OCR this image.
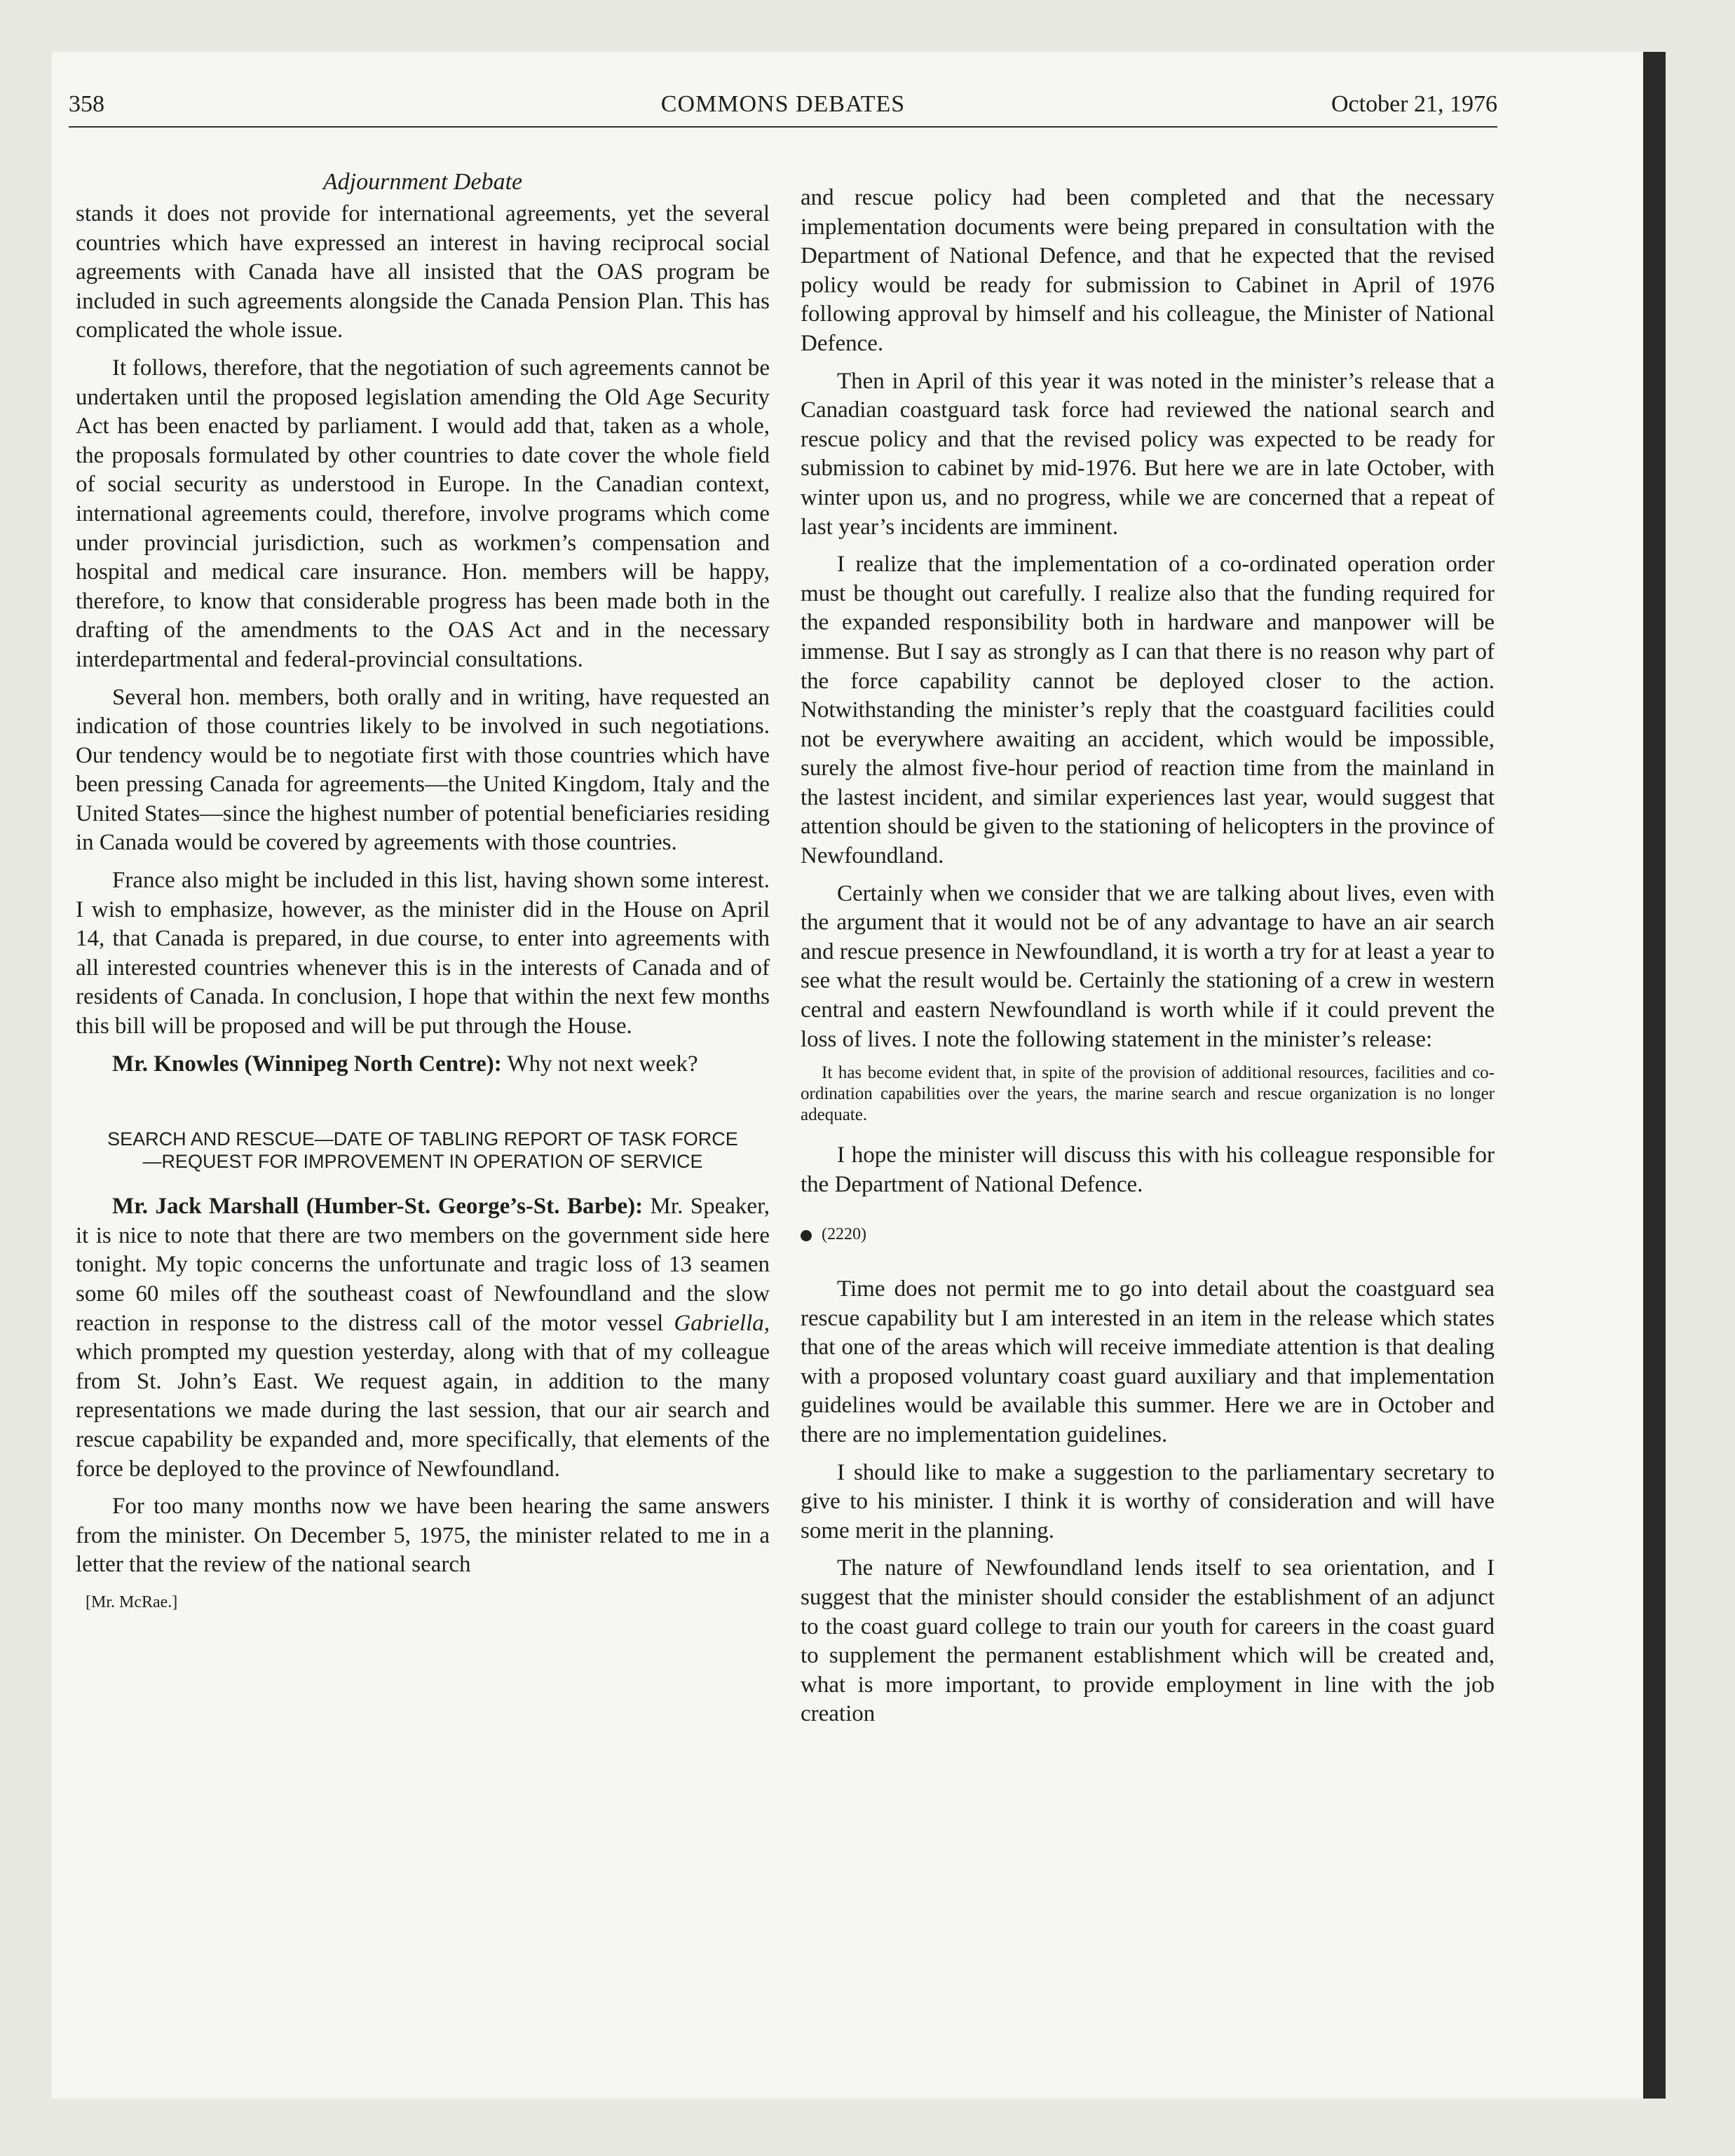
358	COMMONS DEBATES	October 21, 1976
Adjournment Debate

stands it does not provide for international agreements, yet the several countries which have expressed an interest in having reciprocal social agreements with Canada have all insisted that the OAS program be included in such agreements alongside the Canada Pension Plan. This has complicated the whole issue.

It follows, therefore, that the negotiation of such agreements cannot be undertaken until the proposed legislation amending the Old Age Security Act has been enacted by parliament. I would add that, taken as a whole, the proposals formulated by other countries to date cover the whole field of social security as understood in Europe. In the Canadian context, international agreements could, therefore, involve programs which come under provincial jurisdiction, such as workmen’s compensation and hospital and medical care insurance. Hon. members will be happy, therefore, to know that considerable progress has been made both in the drafting of the amendments to the OAS Act and in the necessary interdepartmental and federal-provincial consultations.

Several hon. members, both orally and in writing, have requested an indication of those countries likely to be involved in such negotiations. Our tendency would be to negotiate first with those countries which have been pressing Canada for agreements—the United Kingdom, Italy and the United States—since the highest number of potential beneficiaries residing in Canada would be covered by agreements with those countries.

France also might be included in this list, having shown some interest. I wish to emphasize, however, as the minister did in the House on April 14, that Canada is prepared, in due course, to enter into agreements with all interested countries whenever this is in the interests of Canada and of residents of Canada. In conclusion, I hope that within the next few months this bill will be proposed and will be put through the House.

Mr. Knowles (Winnipeg North Centre): Why not next week?

SEARCH AND RESCUE—DATE OF TABLING REPORT OF TASK FORCE—REQUEST FOR IMPROVEMENT IN OPERATION OF SERVICE

Mr. Jack Marshall (Humber-St. George’s-St. Barbe): Mr. Speaker, it is nice to note that there are two members on the government side here tonight. My topic concerns the unfortunate and tragic loss of 13 seamen some 60 miles off the southeast coast of Newfoundland and the slow reaction in response to the distress call of the motor vessel Gabriella, which prompted my question yesterday, along with that of my colleague from St. John’s East. We request again, in addition to the many representations we made during the last session, that our air search and rescue capability be expanded and, more specifically, that elements of the force be deployed to the province of Newfoundland.

For too many months now we have been hearing the same answers from the minister. On December 5, 1975, the minister related to me in a letter that the review of the national search

[Mr. McRae.]

and rescue policy had been completed and that the necessary implementation documents were being prepared in consultation with the Department of National Defence, and that he expected that the revised policy would be ready for submission to Cabinet in April of 1976 following approval by himself and his colleague, the Minister of National Defence.

Then in April of this year it was noted in the minister’s release that a Canadian coastguard task force had reviewed the national search and rescue policy and that the revised policy was expected to be ready for submission to cabinet by mid-1976. But here we are in late October, with winter upon us, and no progress, while we are concerned that a repeat of last year’s incidents are imminent.

I realize that the implementation of a co-ordinated operation order must be thought out carefully. I realize also that the funding required for the expanded responsibility both in hardware and manpower will be immense. But I say as strongly as I can that there is no reason why part of the force capability cannot be deployed closer to the action. Notwithstanding the minister’s reply that the coastguard facilities could not be everywhere awaiting an accident, which would be impossible, surely the almost five-hour period of reaction time from the mainland in the lastest incident, and similar experiences last year, would suggest that attention should be given to the stationing of helicopters in the province of Newfoundland.

Certainly when we consider that we are talking about lives, even with the argument that it would not be of any advantage to have an air search and rescue presence in Newfoundland, it is worth a try for at least a year to see what the result would be. Certainly the stationing of a crew in western central and eastern Newfoundland is worth while if it could prevent the loss of lives. I note the following statement in the minister’s release:

It has become evident that, in spite of the provision of additional resources, facilities and co-ordination capabilities over the years, the marine search and rescue organization is no longer adequate.

I hope the minister will discuss this with his colleague responsible for the Department of National Defence.

(2220)

Time does not permit me to go into detail about the coastguard sea rescue capability but I am interested in an item in the release which states that one of the areas which will receive immediate attention is that dealing with a proposed voluntary coast guard auxiliary and that implementation guidelines would be available this summer. Here we are in October and there are no implementation guidelines.

I should like to make a suggestion to the parliamentary secretary to give to his minister. I think it is worthy of consideration and will have some merit in the planning.

The nature of Newfoundland lends itself to sea orientation, and I suggest that the minister should consider the establishment of an adjunct to the coast guard college to train our youth for careers in the coast guard to supplement the permanent establishment which will be created and, what is more important, to provide employment in line with the job creation
